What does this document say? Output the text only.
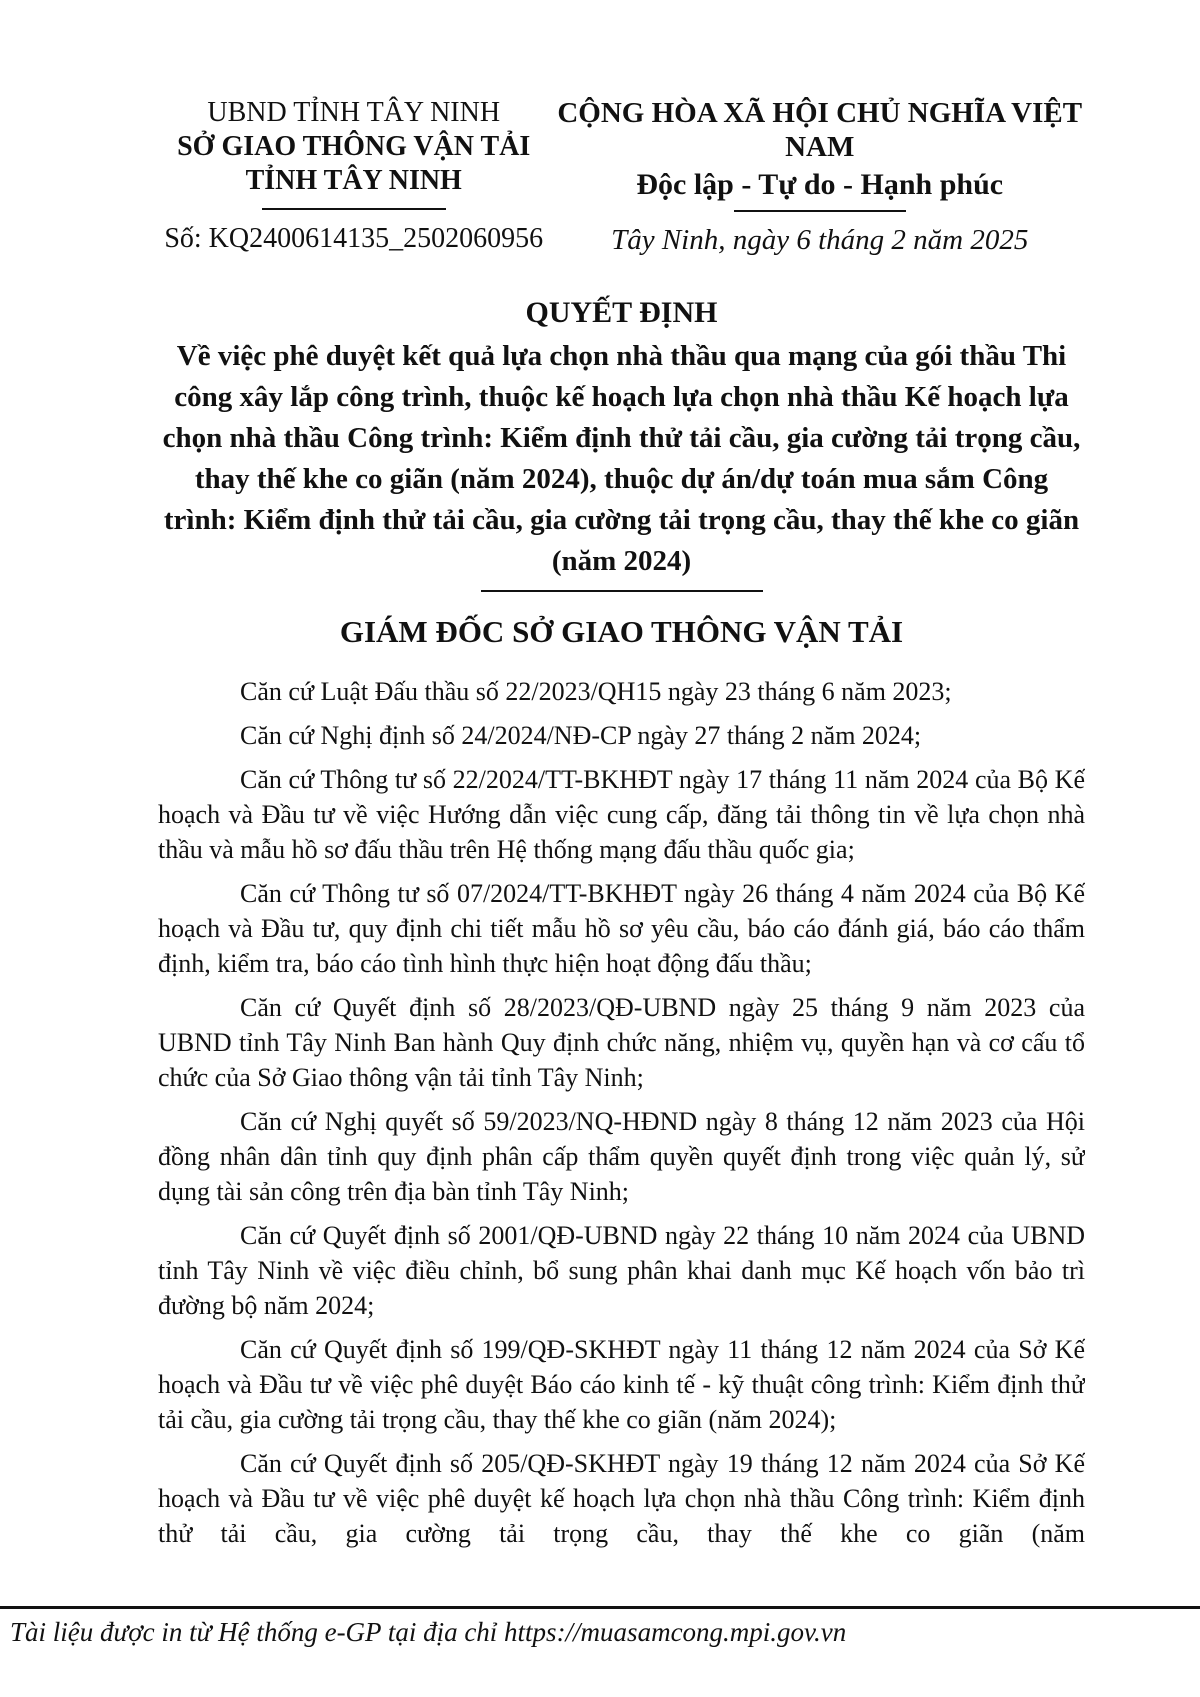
UBND TỈNH TÂY NINH
SỞ GIAO THÔNG VẬN TẢI
TỈNH TÂY NINH
Số: KQ2400614135_2502060956
CỘNG HÒA XÃ HỘI CHỦ NGHĨA VIỆT NAM
Độc lập - Tự do - Hạnh phúc
Tây Ninh, ngày 6 tháng 2 năm 2025
QUYẾT ĐỊNH
Về việc phê duyệt kết quả lựa chọn nhà thầu qua mạng của gói thầu Thi công xây lắp công trình, thuộc kế hoạch lựa chọn nhà thầu Kế hoạch lựa chọn nhà thầu Công trình: Kiểm định thử tải cầu, gia cường tải trọng cầu, thay thế khe co giãn (năm 2024), thuộc dự án/dự toán mua sắm Công trình: Kiểm định thử tải cầu, gia cường tải trọng cầu, thay thế khe co giãn (năm 2024)
GIÁM ĐỐC SỞ GIAO THÔNG VẬN TẢI

Căn cứ Luật Đấu thầu số 22/2023/QH15 ngày 23 tháng 6 năm 2023;

Căn cứ Nghị định số 24/2024/NĐ-CP ngày 27 tháng 2 năm 2024;

Căn cứ Thông tư số 22/2024/TT-BKHĐT ngày 17 tháng 11 năm 2024 của Bộ Kế hoạch và Đầu tư về việc Hướng dẫn việc cung cấp, đăng tải thông tin về lựa chọn nhà thầu và mẫu hồ sơ đấu thầu trên Hệ thống mạng đấu thầu quốc gia;

Căn cứ Thông tư số 07/2024/TT-BKHĐT ngày 26 tháng 4 năm 2024 của Bộ Kế hoạch và Đầu tư, quy định chi tiết mẫu hồ sơ yêu cầu, báo cáo đánh giá, báo cáo thẩm định, kiểm tra, báo cáo tình hình thực hiện hoạt động đấu thầu;

Căn cứ Quyết định số 28/2023/QĐ-UBND ngày 25 tháng 9 năm 2023 của UBND tỉnh Tây Ninh Ban hành Quy định chức năng, nhiệm vụ, quyền hạn và cơ cấu tổ chức của Sở Giao thông vận tải tỉnh Tây Ninh;

Căn cứ Nghị quyết số 59/2023/NQ-HĐND ngày 8 tháng 12 năm 2023 của Hội đồng nhân dân tỉnh quy định phân cấp thẩm quyền quyết định trong việc quản lý, sử dụng tài sản công trên địa bàn tỉnh Tây Ninh;

Căn cứ Quyết định số 2001/QĐ-UBND ngày 22 tháng 10 năm 2024 của UBND tỉnh Tây Ninh về việc điều chỉnh, bổ sung phân khai danh mục Kế hoạch vốn bảo trì đường bộ năm 2024;

Căn cứ Quyết định số 199/QĐ-SKHĐT ngày 11 tháng 12 năm 2024 của Sở Kế hoạch và Đầu tư về việc phê duyệt Báo cáo kinh tế - kỹ thuật công trình: Kiểm định thử tải cầu, gia cường tải trọng cầu, thay thế khe co giãn (năm 2024);

Căn cứ Quyết định số 205/QĐ-SKHĐT ngày 19 tháng 12 năm 2024 của Sở Kế hoạch và Đầu tư về việc phê duyệt kế hoạch lựa chọn nhà thầu Công trình: Kiểm định thử tải cầu, gia cường tải trọng cầu, thay thế khe co giãn (năm

Tài liệu được in từ Hệ thống e-GP tại địa chỉ https://muasamcong.mpi.gov.vn
